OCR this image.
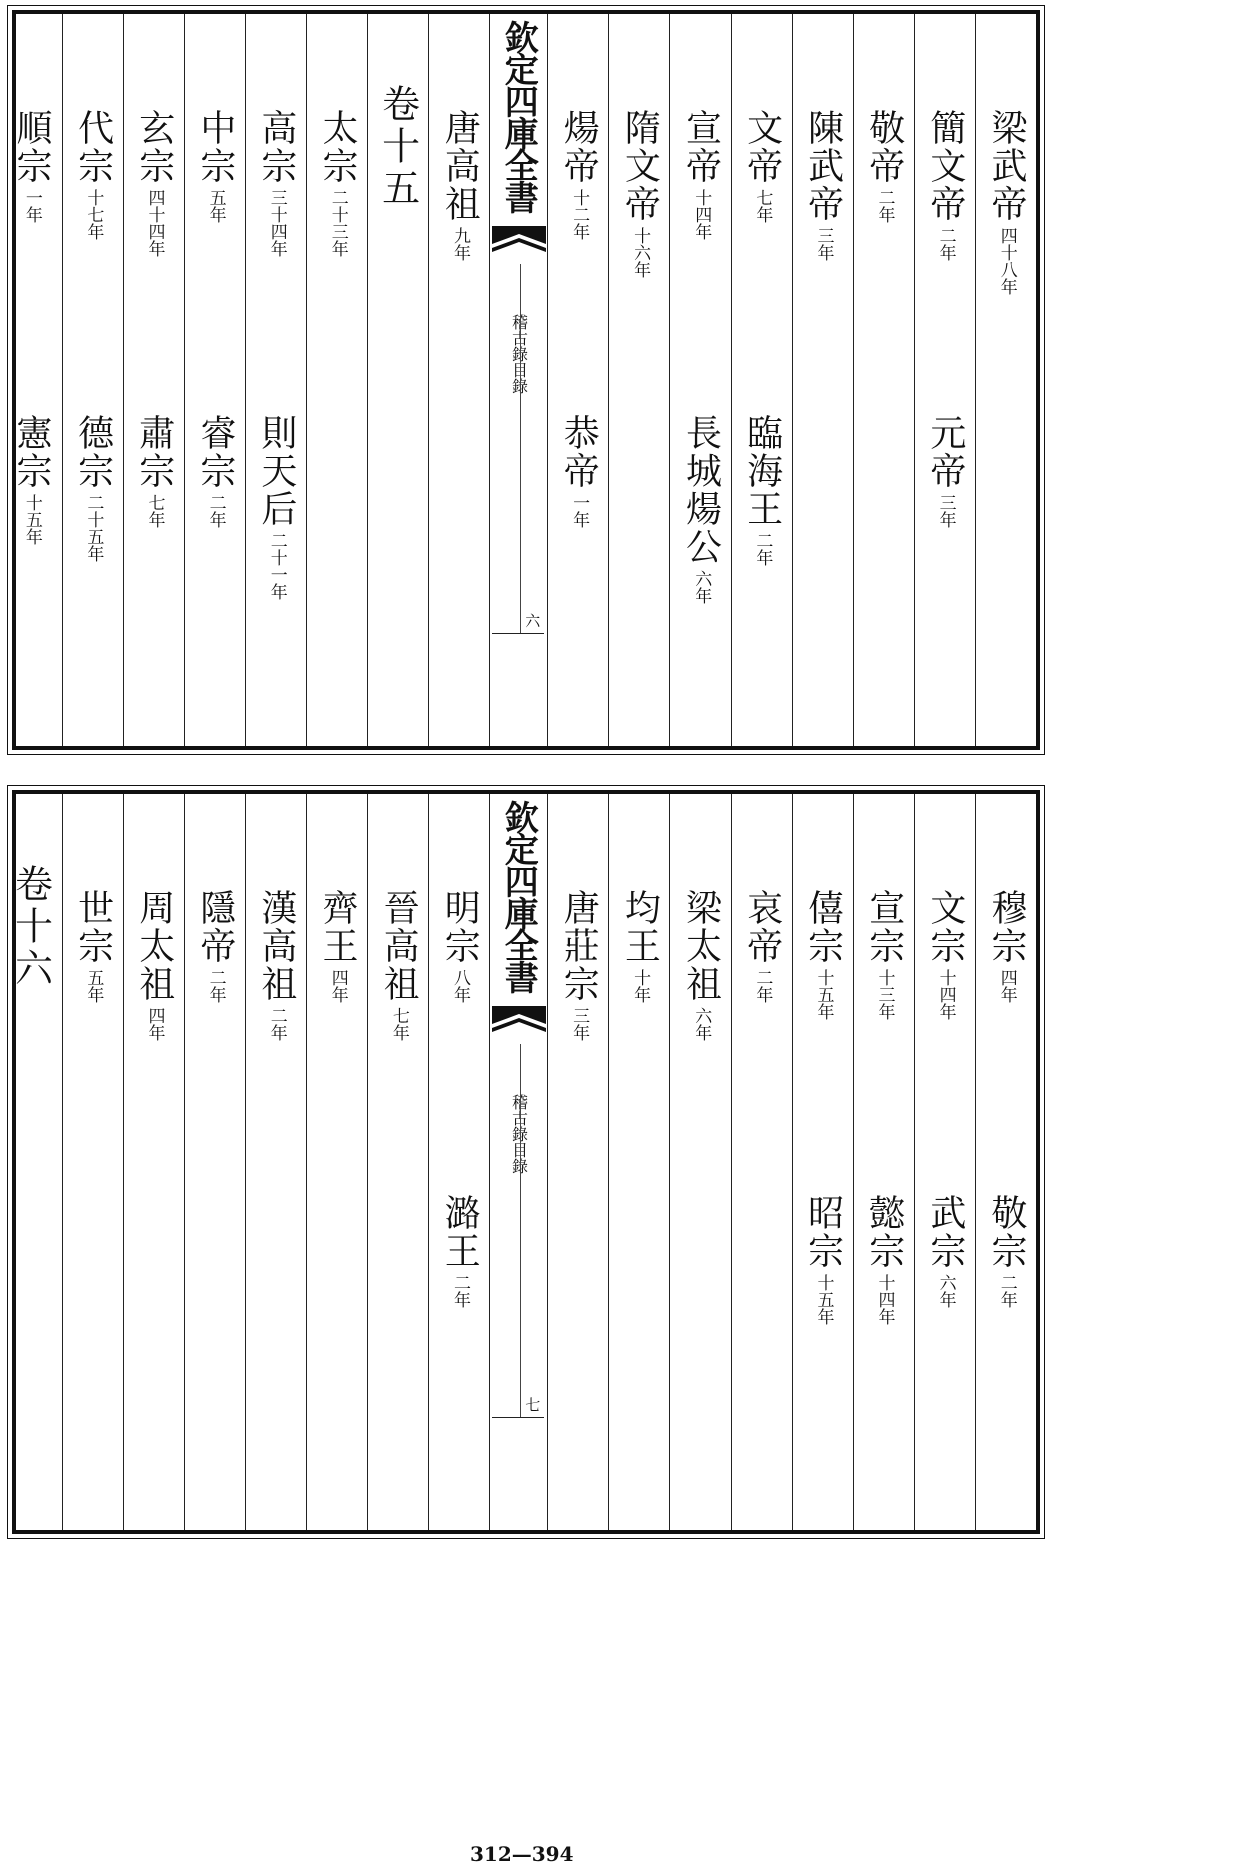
梁武帝
四十八年
簡文帝
二年
元帝
三年
敬帝
二年
陳武帝
三年
文帝
七年
臨海王
二年
宣帝
十四年
長城煬公
六年
隋文帝
十六年
煬帝
十二年
恭帝
一年
欽定四庫全書
稽古錄目錄
六
唐高祖
九年
卷十五
太宗
二十三年
高宗
三十四年
則天后
二十一年
中宗
五年
睿宗
二年
玄宗
四十四年
肅宗
七年
代宗
十七年
德宗
二十五年
順宗
一年
憲宗
十五年
穆宗
四年
敬宗
二年
文宗
十四年
武宗
六年
宣宗
十三年
懿宗
十四年
僖宗
十五年
昭宗
十五年
哀帝
二年
梁太祖
六年
均王
十年
唐莊宗
三年
欽定四庫全書
稽古錄目錄
七
明宗
八年
潞王
二年
晉高祖
七年
齊王
四年
漢高祖
二年
隱帝
二年
周太祖
四年
世宗
五年
卷十六
312—394
